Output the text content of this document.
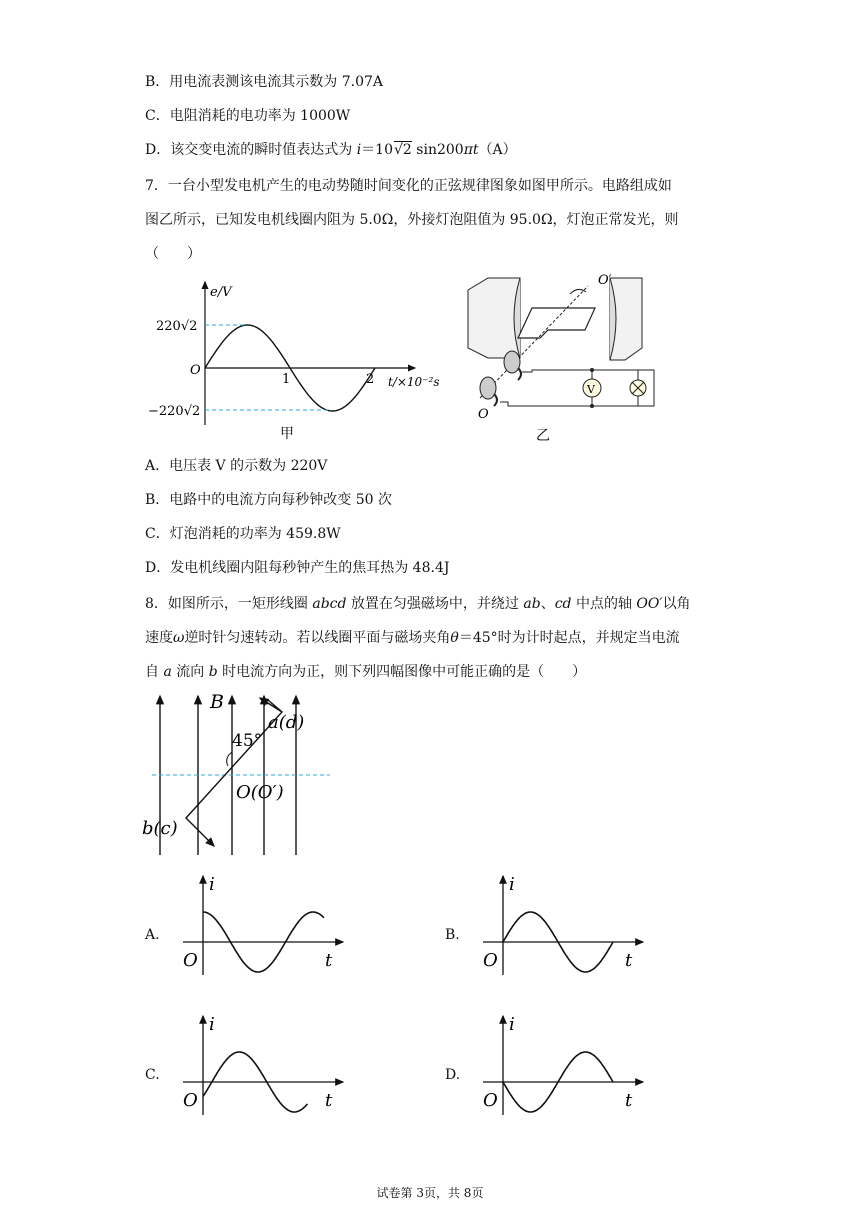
B．用电流表测该电流其示数为 7.07A
C．电阻消耗的电功率为 1000W
D．该交变电流的瞬时值表达式为 i＝10√2 sin200πt（A）
7．一台小型发电机产生的电动势随时间变化的正弦规律图象如图甲所示。电路组成如
图乙所示，已知发电机线圈内阻为 5.0Ω，外接灯泡阻值为 95.0Ω，灯泡正常发光，则
（　　）
e/V
220√2
−220√2
O
1	2 t/×10⁻²s
甲
V
O′
O
乙
A．电压表 V 的示数为 220V
B．电路中的电流方向每秒钟改变 50 次
C．灯泡消耗的功率为 459.8W
D．发电机线圈内阻每秒钟产生的焦耳热为 48.4J
8．如图所示，一矩形线圈 abcd 放置在匀强磁场中，并绕过 ab、cd 中点的轴 OO′以角
速度ω逆时针匀速转动。若以线圈平面与磁场夹角θ＝45°时为计时起点，并规定当电流
自 a 流向 b 时电流方向为正，则下列四幅图像中可能正确的是（　　）
B
45°
a(d)
O(O′)
b(c)
A.
i
O	t
B.
i
O	t
C.
i
O	t
D.
i
O	t
试卷第 3页，共 8页
